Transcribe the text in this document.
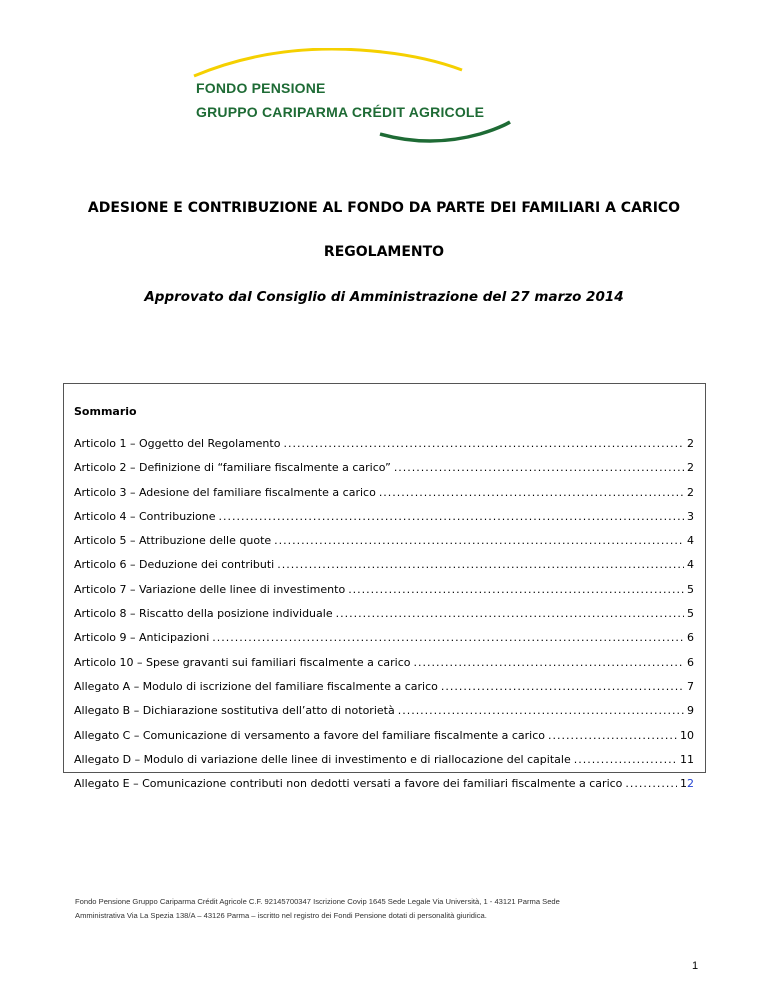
FONDO PENSIONE
GRUPPO CARIPARMA CRÉDIT AGRICOLE
ADESIONE E CONTRIBUZIONE AL FONDO DA PARTE DEI FAMILIARI A CARICO
REGOLAMENTO
Approvato dal Consiglio di Amministrazione del 27 marzo 2014
Sommario
Articolo 1 – Oggetto del Regolamento .....	2
Articolo 2 – Definizione di “familiare fiscalmente a carico” .....	2
Articolo 3 – Adesione del familiare fiscalmente a carico .....	2
Articolo 4 – Contribuzione .....	3
Articolo 5 – Attribuzione delle quote .....	4
Articolo 6 – Deduzione dei contributi .....	4
Articolo 7 – Variazione delle linee di investimento .....	5
Articolo 8 – Riscatto della posizione individuale .....	5
Articolo 9 – Anticipazioni .....	6
Articolo 10 – Spese gravanti sui familiari fiscalmente a carico .....	6
Allegato A – Modulo di iscrizione del familiare fiscalmente a carico .....	7
Allegato B – Dichiarazione sostitutiva dell’atto di notorietà .....	9
Allegato C – Comunicazione di versamento a favore del familiare fiscalmente a carico .....	10
Allegato D – Modulo di variazione delle linee di investimento e di riallocazione del capitale .....	11
Allegato E – Comunicazione contributi non dedotti versati a favore dei familiari fiscalmente a carico .....	12
Fondo Pensione Gruppo Cariparma Crédit Agricole C.F. 92145700347 Iscrizione Covip 1645 Sede Legale Via Università, 1 - 43121 Parma Sede
Amministrativa Via La Spezia 138/A – 43126 Parma – iscritto nel registro dei Fondi Pensione dotati di personalità giuridica.
1
